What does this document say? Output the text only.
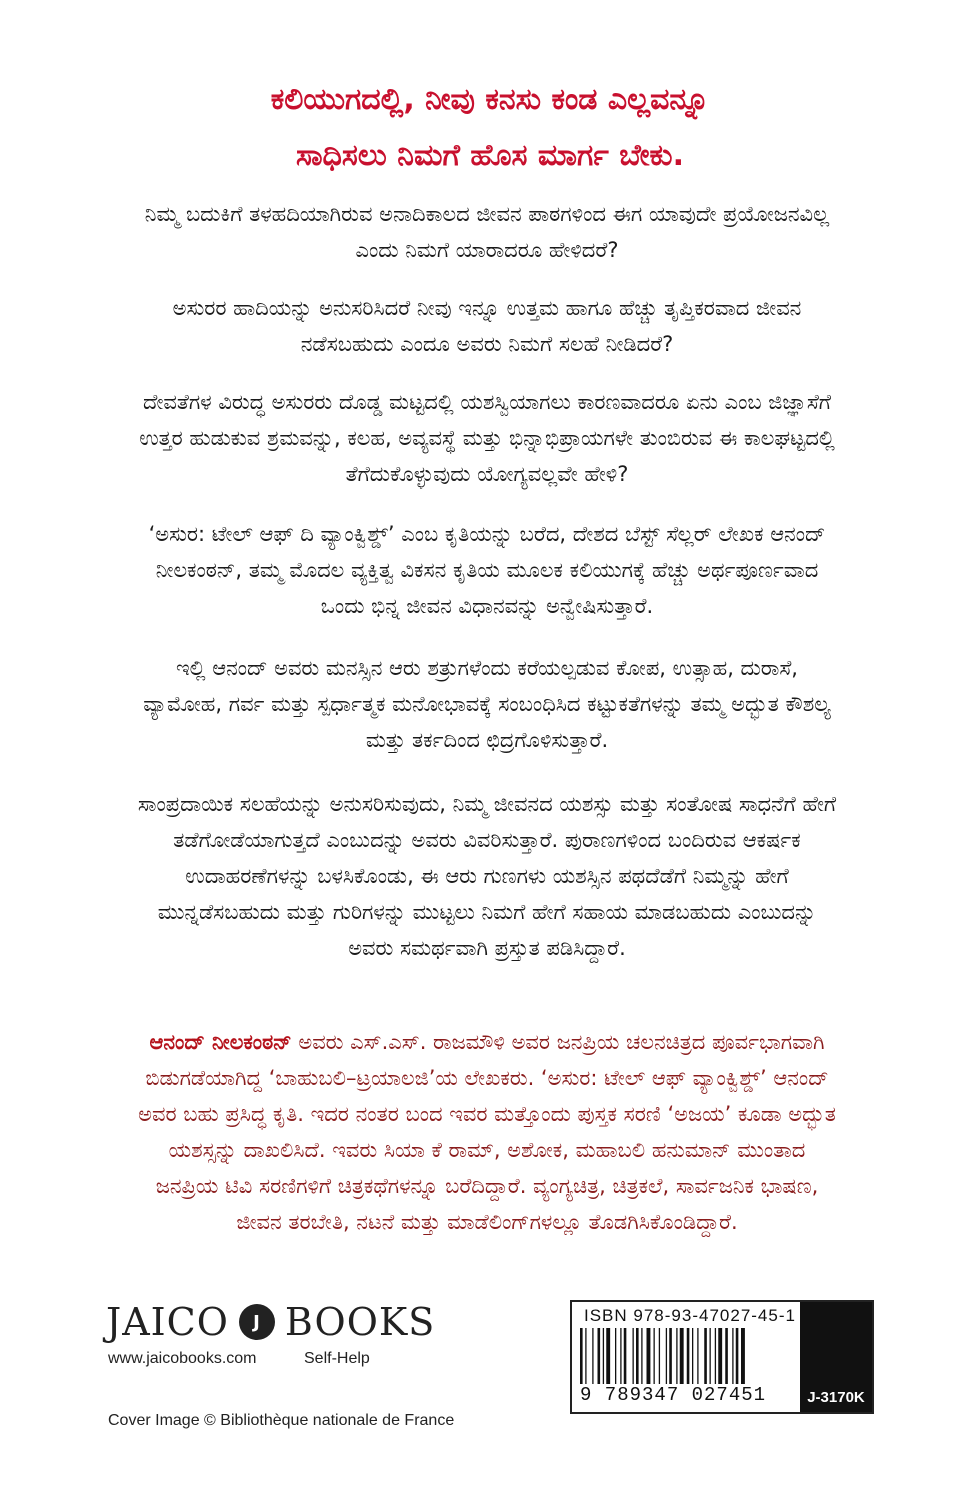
ಕಲಿಯುಗದಲ್ಲಿ, ನೀವು ಕನಸು ಕಂಡ ಎಲ್ಲವನ್ನೂ
ಸಾಧಿಸಲು ನಿಮಗೆ ಹೊಸ ಮಾರ್ಗ ಬೇಕು.
ನಿಮ್ಮ ಬದುಕಿಗೆ ತಳಹದಿಯಾಗಿರುವ ಅನಾದಿಕಾಲದ ಜೀವನ ಪಾಠಗಳಿಂದ ಈಗ ಯಾವುದೇ ಪ್ರಯೋಜನವಿಲ್ಲ
ಎಂದು ನಿಮಗೆ ಯಾರಾದರೂ ಹೇಳಿದರೆ?
ಅಸುರರ ಹಾದಿಯನ್ನು ಅನುಸರಿಸಿದರೆ ನೀವು ಇನ್ನೂ ಉತ್ತಮ ಹಾಗೂ ಹೆಚ್ಚು ತೃಪ್ತಿಕರವಾದ ಜೀವನ
ನಡೆಸಬಹುದು ಎಂದೂ ಅವರು ನಿಮಗೆ ಸಲಹೆ ನೀಡಿದರೆ?
ದೇವತೆಗಳ ವಿರುದ್ಧ ಅಸುರರು ದೊಡ್ಡ ಮಟ್ಟದಲ್ಲಿ ಯಶಸ್ವಿಯಾಗಲು ಕಾರಣವಾದರೂ ಏನು ಎಂಬ ಜಿಜ್ಞಾಸೆಗೆ
ಉತ್ತರ ಹುಡುಕುವ ಶ್ರಮವನ್ನು, ಕಲಹ, ಅವ್ಯವಸ್ಥೆ ಮತ್ತು ಭಿನ್ನಾಭಿಪ್ರಾಯಗಳೇ ತುಂಬಿರುವ ಈ ಕಾಲಘಟ್ಟದಲ್ಲಿ
ತೆಗೆದುಕೊಳ್ಳುವುದು ಯೋಗ್ಯವಲ್ಲವೇ ಹೇಳಿ?
‘ಅಸುರ: ಟೇಲ್ ಆಫ್ ದಿ ವ್ಯಾಂಕ್ವಿಶ್ಡ್’ ಎಂಬ ಕೃತಿಯನ್ನು ಬರೆದ, ದೇಶದ ಬೆಸ್ಟ್ ಸೆಲ್ಲರ್ ಲೇಖಕ ಆನಂದ್
ನೀಲಕಂಠನ್, ತಮ್ಮ ಮೊದಲ ವ್ಯಕ್ತಿತ್ವ ವಿಕಸನ ಕೃತಿಯ ಮೂಲಕ ಕಲಿಯುಗಕ್ಕೆ ಹೆಚ್ಚು ಅರ್ಥಪೂರ್ಣವಾದ
ಒಂದು ಭಿನ್ನ ಜೀವನ ವಿಧಾನವನ್ನು ಅನ್ವೇಷಿಸುತ್ತಾರೆ.
ಇಲ್ಲಿ ಆನಂದ್ ಅವರು ಮನಸ್ಸಿನ ಆರು ಶತ್ರುಗಳೆಂದು ಕರೆಯಲ್ಪಡುವ ಕೋಪ, ಉತ್ಸಾಹ, ದುರಾಸೆ,
ವ್ಯಾಮೋಹ, ಗರ್ವ ಮತ್ತು ಸ್ಪರ್ಧಾತ್ಮಕ ಮನೋಭಾವಕ್ಕೆ ಸಂಬಂಧಿಸಿದ ಕಟ್ಟುಕತೆಗಳನ್ನು ತಮ್ಮ ಅದ್ಭುತ ಕೌಶಲ್ಯ
ಮತ್ತು ತರ್ಕದಿಂದ ಛಿದ್ರಗೊಳಿಸುತ್ತಾರೆ.
ಸಾಂಪ್ರದಾಯಿಕ ಸಲಹೆಯನ್ನು ಅನುಸರಿಸುವುದು, ನಿಮ್ಮ ಜೀವನದ ಯಶಸ್ಸು ಮತ್ತು ಸಂತೋಷ ಸಾಧನೆಗೆ ಹೇಗೆ
ತಡೆಗೋಡೆಯಾಗುತ್ತದೆ ಎಂಬುದನ್ನು ಅವರು ವಿವರಿಸುತ್ತಾರೆ. ಪುರಾಣಗಳಿಂದ ಬಂದಿರುವ ಆಕರ್ಷಕ
ಉದಾಹರಣೆಗಳನ್ನು ಬಳಸಿಕೊಂಡು, ಈ ಆರು ಗುಣಗಳು ಯಶಸ್ಸಿನ ಪಥದೆಡೆಗೆ ನಿಮ್ಮನ್ನು ಹೇಗೆ
ಮುನ್ನಡೆಸಬಹುದು ಮತ್ತು ಗುರಿಗಳನ್ನು ಮುಟ್ಟಲು ನಿಮಗೆ ಹೇಗೆ ಸಹಾಯ ಮಾಡಬಹುದು ಎಂಬುದನ್ನು
ಅವರು ಸಮರ್ಥವಾಗಿ ಪ್ರಸ್ತುತ ಪಡಿಸಿದ್ದಾರೆ.
ಆನಂದ್ ನೀಲಕಂಠನ್ ಅವರು ಎಸ್.ಎಸ್. ರಾಜಮೌಳಿ ಅವರ ಜನಪ್ರಿಯ ಚಲನಚಿತ್ರದ ಪೂರ್ವಭಾಗವಾಗಿ
ಬಿಡುಗಡೆಯಾಗಿದ್ದ ‘ಬಾಹುಬಲಿ–ಟ್ರಯಾಲಜಿ’ಯ ಲೇಖಕರು. ‘ಅಸುರ: ಟೇಲ್ ಆಫ್ ವ್ಯಾಂಕ್ವಿಶ್ಡ್’ ಆನಂದ್
ಅವರ ಬಹು ಪ್ರಸಿದ್ಧ ಕೃತಿ. ಇದರ ನಂತರ ಬಂದ ಇವರ ಮತ್ತೊಂದು ಪುಸ್ತಕ ಸರಣಿ ‘ಅಜಯ’ ಕೂಡಾ ಅದ್ಭುತ
ಯಶಸ್ಸನ್ನು ದಾಖಲಿಸಿದೆ. ಇವರು ಸಿಯಾ ಕೆ ರಾಮ್, ಅಶೋಕ, ಮಹಾಬಲಿ ಹನುಮಾನ್ ಮುಂತಾದ
ಜನಪ್ರಿಯ ಟಿವಿ ಸರಣಿಗಳಿಗೆ ಚಿತ್ರಕಥೆಗಳನ್ನೂ ಬರೆದಿದ್ದಾರೆ. ವ್ಯಂಗ್ಯಚಿತ್ರ, ಚಿತ್ರಕಲೆ, ಸಾರ್ವಜನಿಕ ಭಾಷಣ,
ಜೀವನ ತರಬೇತಿ, ನಟನೆ ಮತ್ತು ಮಾಡೆಲಿಂಗ್‌ಗಳಲ್ಲೂ ತೊಡಗಿಸಿಕೊಂಡಿದ್ದಾರೆ.
JAICO	J BOOKS
www.jaicobooks.com	Self-Help
Cover Image © Bibliothèque nationale de France
ISBN 978-93-47027-45-1
9 789347 027451	J-3170K
